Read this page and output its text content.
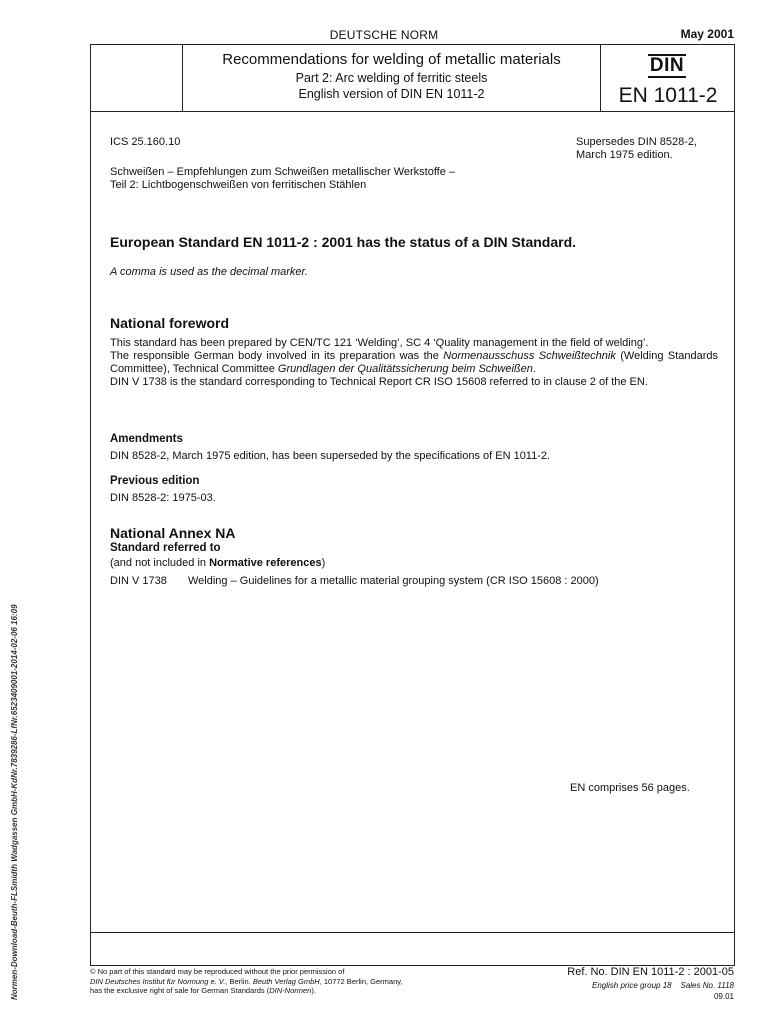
DEUTSCHE NORM	May 2001
Recommendations for welding of metallic materials
Part 2: Arc welding of ferritic steels
English version of DIN EN 1011-2
DIN
EN 1011-2
ICS 25.160.10	Supersedes DIN 8528-2,
March 1975 edition.
Schweißen – Empfehlungen zum Schweißen metallischer Werkstoffe –
Teil 2: Lichtbogenschweißen von ferritischen Stählen
European Standard EN 1011-2 : 2001 has the status of a DIN Standard.
A comma is used as the decimal marker.
National foreword
This standard has been prepared by CEN/TC 121 ‘Welding’, SC 4 ‘Quality management in the field of welding’.
The responsible German body involved in its preparation was the Normenausschuss Schweißtechnik (Welding Standards Committee), Technical Committee Grundlagen der Qualitätssicherung beim Schweißen.
DIN V 1738 is the standard corresponding to Technical Report CR ISO 15608 referred to in clause 2 of the EN.
Amendments
DIN 8528-2, March 1975 edition, has been superseded by the specifications of EN 1011-2.
Previous edition
DIN 8528-2: 1975-03.
National Annex NA
Standard referred to
(and not included in Normative references)
DIN V 1738 Welding – Guidelines for a metallic material grouping system (CR ISO 15608 : 2000)
EN comprises 56 pages.
© No part of this standard may be reproduced without the prior permission of
DIN Deutsches Institut für Normung e. V., Berlin. Beuth Verlag GmbH, 10772 Berlin, Germany,
has the exclusive right of sale for German Standards (DIN-Normen).
Ref. No. DIN EN 1011-2 : 2001-05
English price group 18 Sales No. 1118
09.01
Normen-Download-Beuth-FLSmidth Wadgassen GmbH-KdNr.7839286-LfNr.6523409001-2014-02-06 16:09
